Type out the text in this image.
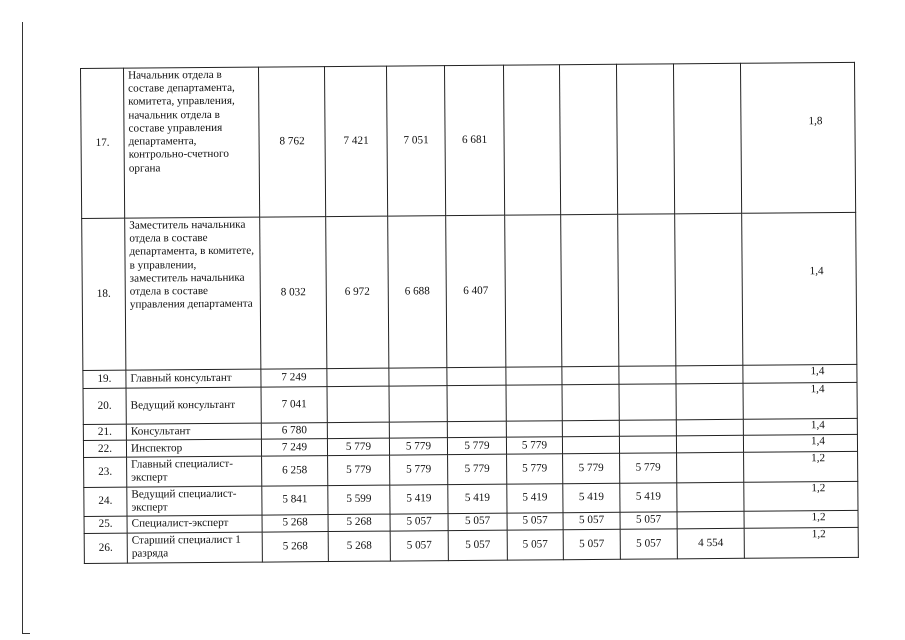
17.	Начальник отдела в составе департамента, комитета, управления, начальник отдела в составе управления департамента, контрольно-счетного органа	8 762	7 421	7 051	6 681					1,8
18.	Заместитель начальника отдела в составе департамента, в комитете, в управлении, заместитель начальника отдела в составе управления департамента	8 032	6 972	6 688	6 407					1,4
19.	Главный консультант	7 249								1,4
20.	Ведущий консультант	7 041								1,4
21.	Консультант	6 780								1,4
22.	Инспектор	7 249	5 779	5 779	5 779	5 779				1,4
23.	Главный специалист-эксперт	6 258	5 779	5 779	5 779	5 779	5 779	5 779		1,2
24.	Ведущий специалист-эксперт	5 841	5 599	5 419	5 419	5 419	5 419	5 419		1,2
25.	Специалист-эксперт	5 268	5 268	5 057	5 057	5 057	5 057	5 057		1,2
26.	Старший специалист 1 разряда	5 268	5 268	5 057	5 057	5 057	5 057	5 057	4 554	1,2
